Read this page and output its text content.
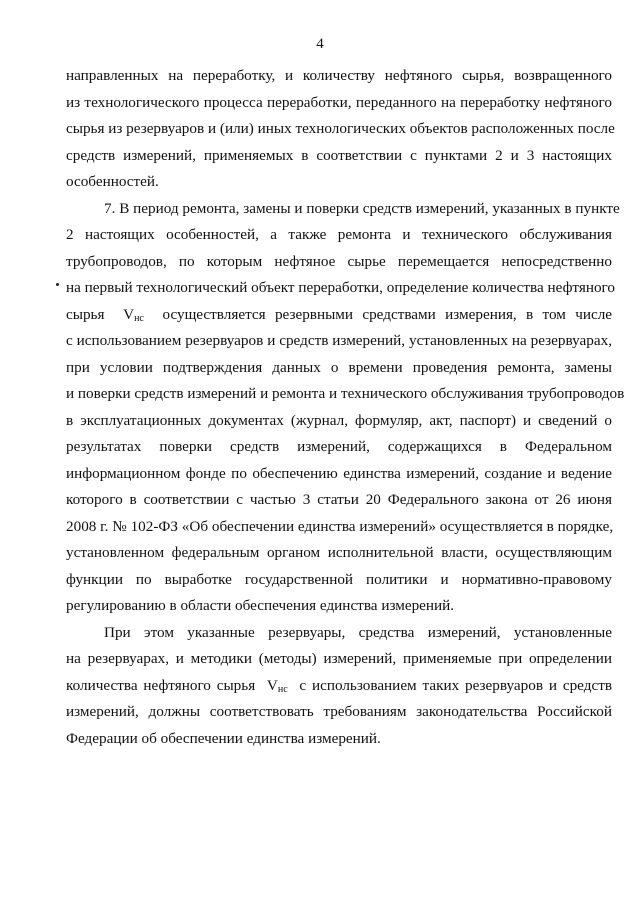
4
направленных на переработку, и количеству нефтяного сырья, возвращенного
из технологического процесса переработки, переданного на переработку нефтяного
сырья из резервуаров и (или) иных технологических объектов расположенных после
средств измерений, применяемых в соответствии с пунктами 2 и 3 настоящих
особенностей.
7. В период ремонта, замены и поверки средств измерений, указанных в пункте
2 настоящих особенностей, а также ремонта и технического обслуживания
трубопроводов, по которым нефтяное сырье перемещается непосредственно
на первый технологический объект переработки, определение количества нефтяного
сырья $V_{нс}$ осуществляется резервными средствами измерения, в том числе
с использованием резервуаров и средств измерений, установленных на резервуарах,
при условии подтверждения данных о времени проведения ремонта, замены
и поверки средств измерений и ремонта и технического обслуживания трубопроводов
в эксплуатационных документах (журнал, формуляр, акт, паспорт) и сведений о
результатах поверки средств измерений, содержащихся в Федеральном
информационном фонде по обеспечению единства измерений, создание и ведение
которого в соответствии с частью 3 статьи 20 Федерального закона от 26 июня
2008 г. № 102-ФЗ «Об обеспечении единства измерений» осуществляется в порядке,
установленном федеральным органом исполнительной власти, осуществляющим
функции по выработке государственной политики и нормативно-правовому
регулированию в области обеспечения единства измерений.
При этом указанные резервуары, средства измерений, установленные
на резервуарах, и методики (методы) измерений, применяемые при определении
количества нефтяного сырья $V_{нс}$ с использованием таких резервуаров и средств
измерений, должны соответствовать требованиям законодательства Российской
Федерации об обеспечении единства измерений.
